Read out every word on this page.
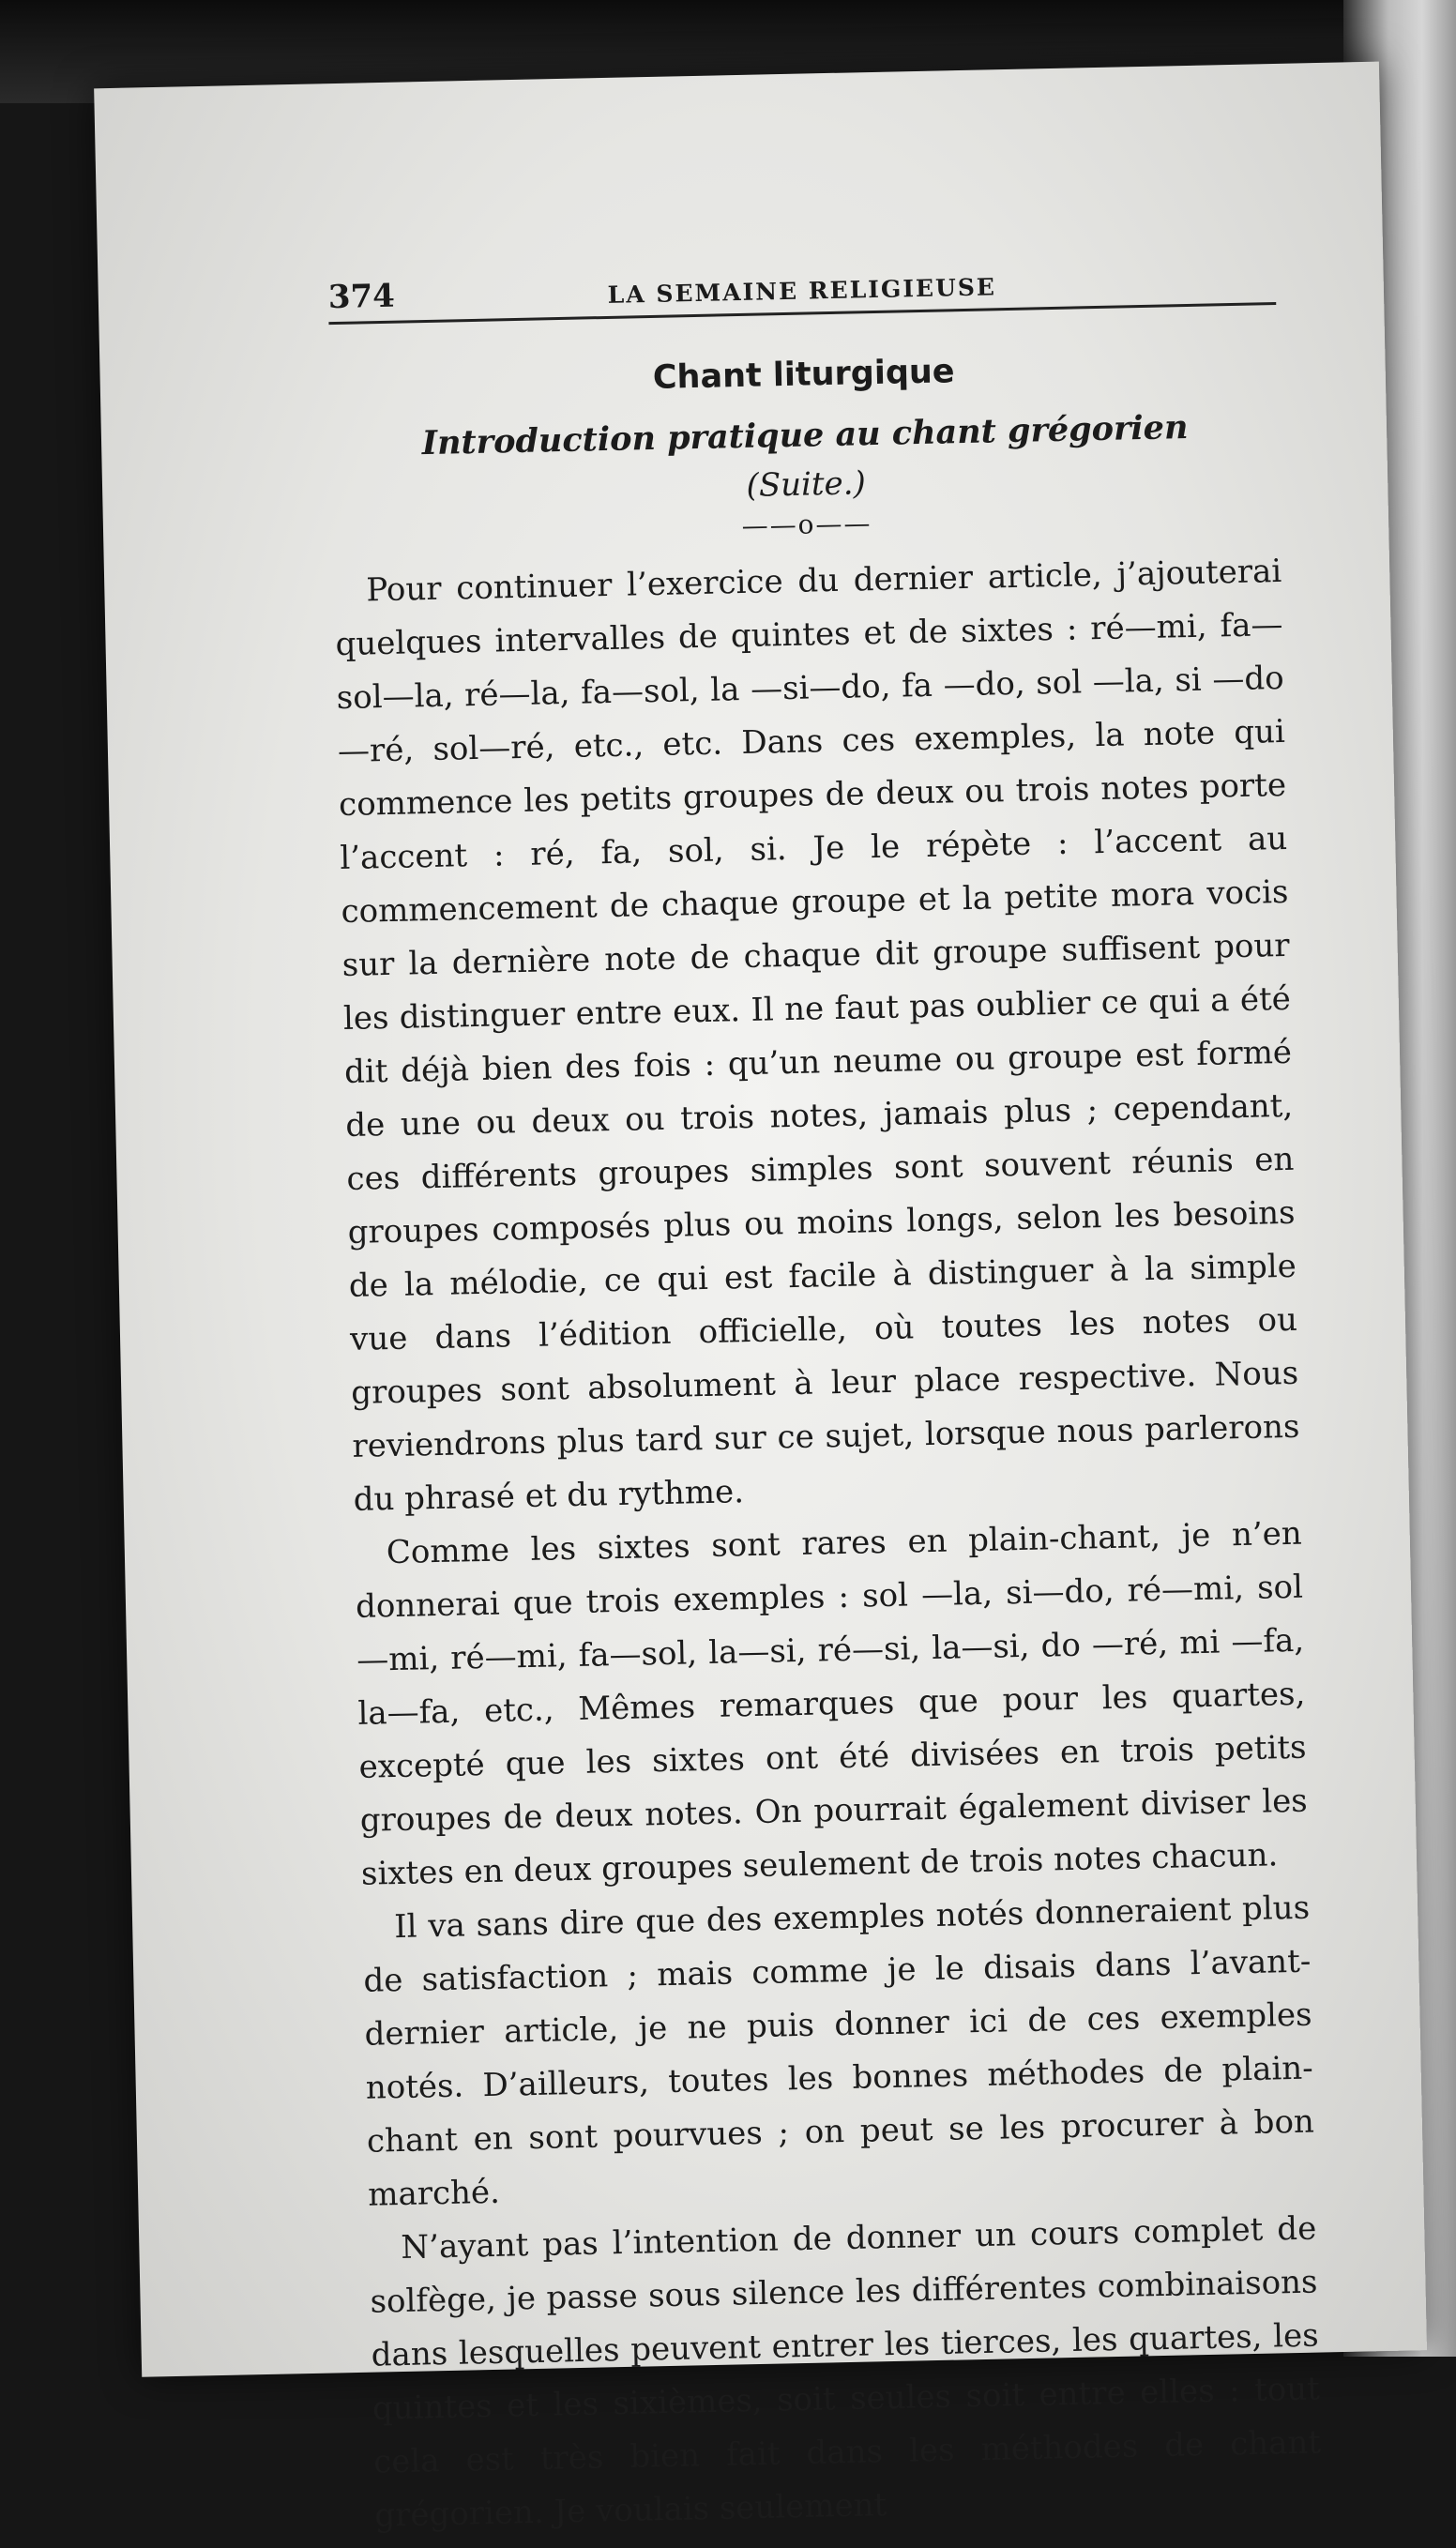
374	LA SEMAINE RELIGIEUSE
Chant liturgique
Introduction pratique au chant grégorien
(Suite.)
——o——

Pour continuer l’exercice du dernier article, j’ajouterai quelques intervalles de quintes et de sixtes : ré—mi, fa—sol—la, ré—la, fa—sol, la —si—do, fa —do, sol —la, si —do—ré, sol—ré, etc., etc. Dans ces exemples, la note qui commence les petits groupes de deux ou trois notes porte l’accent : ré, fa, sol, si. Je le répète : l’accent au commencement de chaque groupe et la petite mora vocis sur la dernière note de chaque dit groupe suffisent pour les distinguer entre eux. Il ne faut pas oublier ce qui a été dit déjà bien des fois : qu’un neume ou groupe est formé de une ou deux ou trois notes, jamais plus ; cependant, ces différents groupes simples sont souvent réunis en groupes composés plus ou moins longs, selon les besoins de la mélodie, ce qui est facile à distinguer à la simple vue dans l’édition officielle, où toutes les notes ou groupes sont absolument à leur place respective. Nous reviendrons plus tard sur ce sujet, lorsque nous parlerons du phrasé et du rythme.

Comme les sixtes sont rares en plain-chant, je n’en donnerai que trois exemples : sol —la, si—do, ré—mi, sol—mi, ré—mi, fa—sol, la—si, ré—si, la—si, do —ré, mi —fa, la—fa, etc., Mêmes remarques que pour les quartes, excepté que les sixtes ont été divisées en trois petits groupes de deux notes. On pourrait également diviser les sixtes en deux groupes seulement de trois notes chacun.

Il va sans dire que des exemples notés donneraient plus de satisfaction ; mais comme je le disais dans l’avant-dernier article, je ne puis donner ici de ces exemples notés. D’ailleurs, toutes les bonnes méthodes de plain-chant en sont pourvues ; on peut se les procurer à bon marché.

N’ayant pas l’intention de donner un cours complet de solfège, je passe sous silence les différentes combinaisons dans lesquelles peuvent entrer les tierces, les quartes, les quintes et les sixièmes, soit seules soit entre elles : tout cela est très bien fait dans les méthodes de chant grégorien. Je voulais seulement
